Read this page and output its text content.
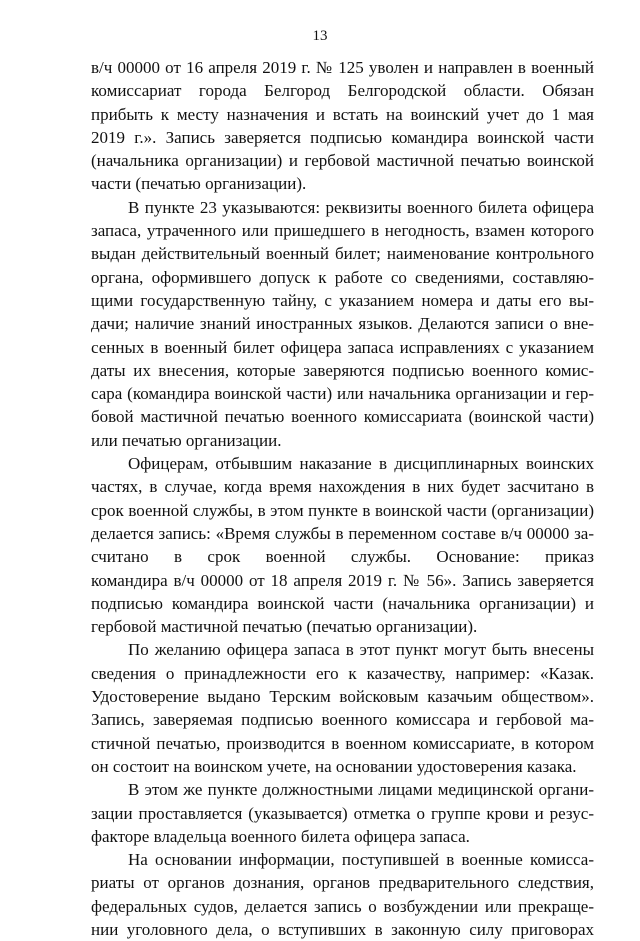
13
в/ч 00000 от 16 апреля 2019 г. № 125 уволен и направлен в военный
комиссариат города Белгород Белгородской области. Обязан
прибыть к месту назначения и встать на воинский учет до 1 мая
2019 г.». Запись заверяется подписью командира воинской части
(начальника организации) и гербовой мастичной печатью воинской
части (печатью организации).
В пункте 23 указываются: реквизиты военного билета офицера
запаса, утраченного или пришедшего в негодность, взамен которого
выдан действительный военный билет; наименование контрольного
органа, оформившего допуск к работе со сведениями, составляю-
щими государственную тайну, с указанием номера и даты его вы-
дачи; наличие знаний иностранных языков. Делаются записи о вне-
сенных в военный билет офицера запаса исправлениях с указанием
даты их внесения, которые заверяются подписью военного комис-
сара (командира воинской части) или начальника организации и гер-
бовой мастичной печатью военного комиссариата (воинской части)
или печатью организации.
Офицерам, отбывшим наказание в дисциплинарных воинских
частях, в случае, когда время нахождения в них будет засчитано в
срок военной службы, в этом пункте в воинской части (организации)
делается запись: «Время службы в переменном составе в/ч 00000 за-
считано в срок военной службы. Основание: приказ
командира в/ч 00000 от 18 апреля 2019 г. № 56». Запись заверяется
подписью командира воинской части (начальника организации) и
гербовой мастичной печатью (печатью организации).
По желанию офицера запаса в этот пункт могут быть внесены
сведения о принадлежности его к казачеству, например: «Казак.
Удостоверение выдано Терским войсковым казачьим обществом».
Запись, заверяемая подписью военного комиссара и гербовой ма-
стичной печатью, производится в военном комиссариате, в котором
он состоит на воинском учете, на основании удостоверения казака.
В этом же пункте должностными лицами медицинской органи-
зации проставляется (указывается) отметка о группе крови и резус-
факторе владельца военного билета офицера запаса.
На основании информации, поступившей в военные комисса-
риаты от органов дознания, органов предварительного следствия,
федеральных судов, делается запись о возбуждении или прекраще-
нии уголовного дела, о вступивших в законную силу приговорах
